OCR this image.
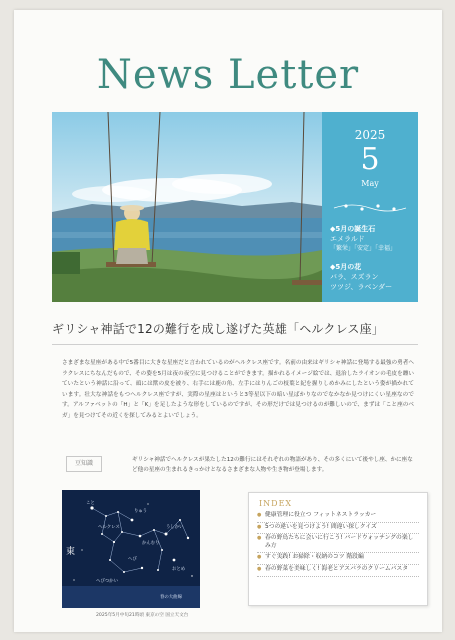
News Letter
2025
5
May
◆5月の誕生石
エメラルド
「繁栄」「安定」「幸福」
◆5月の花
バラ、スズラン
ツツジ、ラベンダー
ギリシャ神話で12の難行を成し遂げた英雄「ヘルクレス座」
さまざまな星座がある中で5番目に大きな星座だと言われているのがヘルクレス座です。名前の由来はギリシャ神話に登場する最強の勇者ヘラクレスにちなんだもので、その姿を5月は夜の夜空に見つけることができます。描かれるイメージ絵では、退治したライオンの毛皮を纏いていたという神話に沿って、頭には獣の皮を被り、右手には鹿の角、左手にはりんごの枝葉と紀を握りしめかみにしたという姿が描かれています。壮大な神話をもつヘルクレス座ですが、実際の星座はというと3等星以下の暗い星ばかりなのでなかなか見つけにくい星座なのです。アルファベットの「H」と「K」を足したような形をしているのですが、その形だけでは見つけるのが難しいので、まずは「こと座のベガ」を見つけてその近くを探してみるとよいでしょう。
豆知識	ギリシャ神話でヘルクレスが果たした12の難行にはそれぞれの物語があり、その多くにいて後やし座、かに座など他の星座の生まれるきっかけとなるさまざまな人物や生き物が登場します。
東
こと
ヘルクレス
りゅう
かんむり
へび
うしかい
ヘびつかい
おとめ
春の大曲線
2025年5月中旬21時頃 東京の空 国立天文台
INDEX
● 健康管理に役立つ フィットネストラッカー
● 5つの違いを見つけよう! 間違い探しクイズ
● 春の野鳥たちに会いに行こう! バードウォッチングの楽しみ方
● すぐ実践! お掃除・収納のコツ 階段編
● 春の野菜を美味しく! 海老とアスパラのクリームパスタ
